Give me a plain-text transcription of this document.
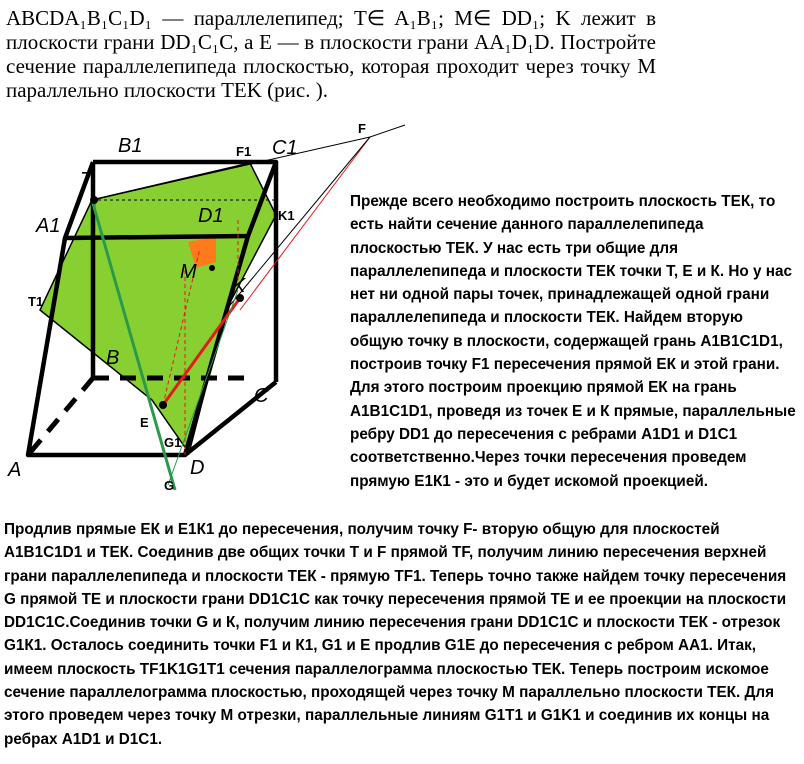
ABCDA₁B₁C₁D₁ — параллелепипед; T∈ A₁B₁; M∈ DD₁; K лежит в плоскости грани DD₁C₁C, а E — в плоскости грани AA₁D₁D. Постройте сечение параллелепипеда плоскостью, которая проходит через точку M параллельно плоскости TEK (рис. ).

B1	C1
F1
F
T
A1	D1	K1
M
K
T1
B
C
E
G1
A	D
G

Прежде всего необходимо построить плоскость ТЕК, то есть найти сечение данного параллелепипеда плоскостью ТЕК. У нас есть три общие для параллелепипеда и плоскости ТЕК точки Т, Е и К. Но у нас нет ни одной пары точек, принадлежащей одной грани параллелепипеда и плоскости ТЕК. Найдем вторую общую точку в плоскости, содержащей грань А1В1С1D1, построив точку F1 пересечения прямой ЕК и этой грани. Для этого построим проекцию прямой ЕК на грань А1В1С1D1, проведя из точек Е и К прямые, параллельные ребру DD1 до пересечения с ребрами А1D1 и D1C1 соответственно.Через точки пересечения проведем прямую Е1К1 - это и будет искомой проекцией.

Продлив прямые ЕК и Е1К1 до пересечения, получим точку F- вторую общую для плоскостей А1В1С1D1 и ТЕК. Соединив две общих точки Т и F прямой TF, получим линию пересечения верхней грани параллелепипеда и плоскости ТЕК - прямую TF1. Теперь точно также найдем точку пересечения G прямой ТЕ и плоскости грани DD1C1C как точку пересечения прямой ТЕ и ее проекции на плоскости DD1C1C.Соединив точки G и К, получим линию пересечения грани DD1C1C и плоскости ТЕК - отрезок G1К1. Осталось соединить точки F1 и К1, G1 и Е продлив G1E до пересечения с ребром АА1. Итак, имеем плоскость TF1K1G1T1 сечения параллелограмма плоскостью ТЕК. Теперь построим искомое сечение параллелограмма плоскостью, проходящей через точку М параллельно плоскости ТЕК. Для этого проведем через точку М отрезки, параллельные линиям G1T1 и G1K1 и соединив их концы на ребрах А1D1 и D1C1.
